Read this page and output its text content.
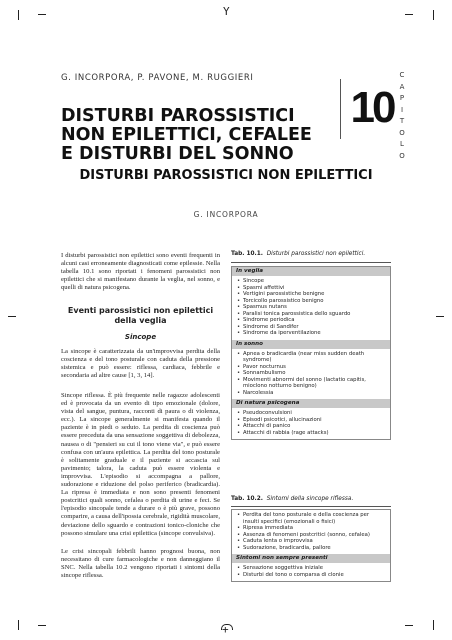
Y
+
G. INCORPORA, P. PAVONE, M. RUGGIERI
DISTURBI PAROSSISTICI
NON EPILETTICI, CEFALEE
E DISTURBI DEL SONNO
10
C
A
P
I
T
O
L
O
DISTURBI PAROSSISTICI NON EPILETTICI
G. INCORPORA

I disturbi parossistici non epilettici sono eventi frequenti in alcuni casi erroneamente diagnosticati come epilessie. Nella tabella 10.1 sono riportati i fenomeni parossistici non epilettici che si manifestano durante la veglia, nel sonno, e quelli di natura psicogena.

Eventi parossistici non epilettici della veglia
Sincope

La sincope è caratterizzata da un'improvvisa perdita della coscienza e del tono posturale con caduta della pressione sistemica e può essere: riflessa, cardiaca, febbrile e secondaria ad altre cause [1, 3, 14].

Sincope riflessa. È più frequente nelle ragazze adolescenti ed è provocata da un evento di tipo emozionale (dolore, vista del sangue, puntura, racconti di paura o di violenza, ecc.). La sincope generalmente si manifesta quando il paziente è in piedi o seduto. La perdita di coscienza può essere preceduta da una sensazione soggettiva di debolezza, nausea o di "pensieri su cui il tono viene via", e può essere confusa con un'aura epilettica. La perdita del tono posturale è solitamente graduale e il paziente si accascia sul pavimento; talora, la caduta può essere violenta e improvvisa. L'episodio si accompagna a pallore, sudorazione e riduzione del polso periferico (bradicardia). La ripresa è immediata e non sono presenti fenomeni postcritici quali sonno, cefalea o perdita di urine e feci. Se l'episodio sincopale tende a durare o è più grave, possono comparire, a causa dell'ipossia cerebrale, rigidità muscolare, deviazione dello sguardo e contrazioni tonico-cloniche che possono simulare una crisi epilettica (sincope convulsiva).

Le crisi sincopali febbrili hanno prognosi buona, non necessitano di cure farmacologiche e non danneggiano il SNC. Nella tabella 10.2 vengono riportati i sintomi della sincope riflessa.

Tab. 10.1. Disturbi parossistici non epilettici.
In veglia
• Sincope
• Spasmi affettivi
• Vertigini parossistiche benigne
• Torcicollo parossistico benigno
• Spasmus nutans
• Paralisi tonica parossistica dello sguardo
• Sindrome periodica
• Sindrome di Sandifer
• Sindrome da iperventilazione
In sonno
• Apnea o bradicardia (near miss sudden death syndrome)
• Pavor nocturnus
• Sonnambulismo
• Movimenti abnormi del sonno (lactatio capitis, mioclono notturno benigno)
• Narcolessia
Di natura psicogena
• Pseudoconvulsioni
• Episodi psicotici, allucinazioni
• Attacchi di panico
• Attacchi di rabbia (rage attacks)
Tab. 10.2. Sintomi della sincope riflessa.
• Perdita del tono posturale e della coscienza per insulti specifici (emozionali o fisici)
• Ripresa immediata
• Assenza di fenomeni postcritici (sonno, cefalea)
• Caduta lenta o improvvisa
• Sudorazione, bradicardia, pallore
Sintomi non sempre presenti
• Sensazione soggettiva iniziale
• Disturbi del tono o comparsa di clonie
